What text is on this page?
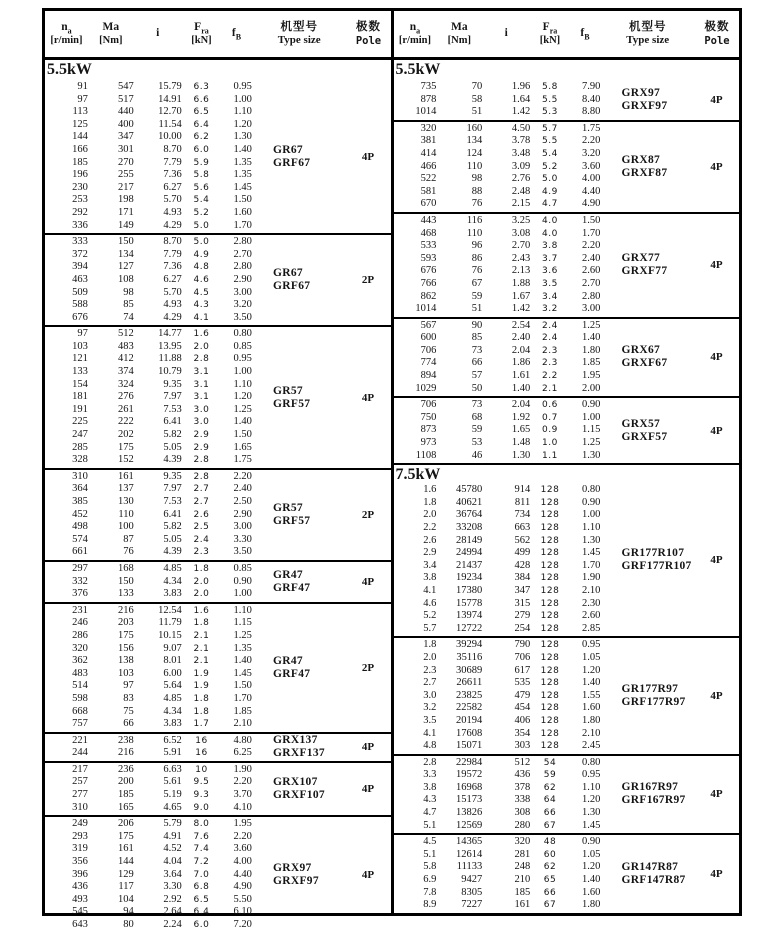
$n_a$
[r/min]
Ma
[Nm]
i
$F_{ra}$
[kN]
$f_B$
机型号
Type size
极数
Pole
5.5kW
91	547	15.79	6.3	0.95
97	517	14.91	6.6	1.00
113	440	12.70	6.5	1.10
125	400	11.54	6.4	1.20
144	347	10.00	6.2	1.30
166	301	8.70	6.0	1.40
185	270	7.79	5.9	1.35
196	255	7.36	5.8	1.35
230	217	6.27	5.6	1.45
253	198	5.70	5.4	1.50
292	171	4.93	5.2	1.60
336	149	4.29	5.0	1.70
GR67
GRF67	4P
333	150	8.70	5.0	2.80
372	134	7.79	4.9	2.70
394	127	7.36	4.8	2.80
463	108	6.27	4.6	2.90
509	98	5.70	4.5	3.00
588	85	4.93	4.3	3.20
676	74	4.29	4.1	3.50
GR67
GRF67	2P
97	512	14.77	1.6	0.80
103	483	13.95	2.0	0.85
121	412	11.88	2.8	0.95
133	374	10.79	3.1	1.00
154	324	9.35	3.1	1.10
181	276	7.97	3.1	1.20
191	261	7.53	3.0	1.25
225	222	6.41	3.0	1.40
247	202	5.82	2.9	1.50
285	175	5.05	2.9	1.65
328	152	4.39	2.8	1.75
GR57
GRF57	4P
310	161	9.35	2.8	2.20
364	137	7.97	2.7	2.40
385	130	7.53	2.7	2.50
452	110	6.41	2.6	2.90
498	100	5.82	2.5	3.00
574	87	5.05	2.4	3.30
661	76	4.39	2.3	3.50
GR57
GRF57	2P
297	168	4.85	1.8	0.85
332	150	4.34	2.0	0.90
376	133	3.83	2.0	1.00
GR47
GRF47	4P
231	216	12.54	1.6	1.10
246	203	11.79	1.8	1.15
286	175	10.15	2.1	1.25
320	156	9.07	2.1	1.35
362	138	8.01	2.1	1.40
483	103	6.00	1.9	1.45
514	97	5.64	1.9	1.50
598	83	4.85	1.8	1.70
668	75	4.34	1.8	1.85
757	66	3.83	1.7	2.10
GR47
GRF47	2P
221	238	6.52	16	4.80
244	216	5.91	16	6.25
GRX137
GRXF137	4P
217	236	6.63	10	1.90
257	200	5.61	9.5	2.20
277	185	5.19	9.3	3.70
310	165	4.65	9.0	4.10
GRX107
GRXF107	4P
249	206	5.79	8.0	1.95
293	175	4.91	7.6	2.20
319	161	4.52	7.4	3.60
356	144	4.04	7.2	4.00
396	129	3.64	7.0	4.40
436	117	3.30	6.8	4.90
493	104	2.92	6.5	5.50
545	94	2.64	6.4	6.10
643	80	2.24	6.0	7.20
GRX97
GRXF97	4P
$n_a$
[r/min]
Ma
[Nm]
i
$F_{ra}$
[kN]
$f_B$
机型号
Type size
极数
Pole
5.5kW
735	70	1.96	5.8	7.90
878	58	1.64	5.5	8.40
1014	51	1.42	5.3	8.80
GRX97
GRXF97	4P
320	160	4.50	5.7	1.75
381	134	3.78	5.5	2.20
414	124	3.48	5.4	3.20
466	110	3.09	5.2	3.60
522	98	2.76	5.0	4.00
581	88	2.48	4.9	4.40
670	76	2.15	4.7	4.90
GRX87
GRXF87	4P
443	116	3.25	4.0	1.50
468	110	3.08	4.0	1.70
533	96	2.70	3.8	2.20
593	86	2.43	3.7	2.40
676	76	2.13	3.6	2.60
766	67	1.88	3.5	2.70
862	59	1.67	3.4	2.80
1014	51	1.42	3.2	3.00
GRX77
GRXF77	4P
567	90	2.54	2.4	1.25
600	85	2.40	2.4	1.40
706	73	2.04	2.3	1.80
774	66	1.86	2.3	1.85
894	57	1.61	2.2	1.95
1029	50	1.40	2.1	2.00
GRX67
GRXF67	4P
706	73	2.04	0.6	0.90
750	68	1.92	0.7	1.00
873	59	1.65	0.9	1.15
973	53	1.48	1.0	1.25
1108	46	1.30	1.1	1.30
GRX57
GRXF57	4P
7.5kW
1.6	45780	914	128	0.80
1.8	40621	811	128	0.90
2.0	36764	734	128	1.00
2.2	33208	663	128	1.10
2.6	28149	562	128	1.30
2.9	24994	499	128	1.45
3.4	21437	428	128	1.70
3.8	19234	384	128	1.90
4.1	17380	347	128	2.10
4.6	15778	315	128	2.30
5.2	13974	279	128	2.60
5.7	12722	254	128	2.85
GR177R107
GRF177R107	4P
1.8	39294	790	128	0.95
2.0	35116	706	128	1.05
2.3	30689	617	128	1.20
2.7	26611	535	128	1.40
3.0	23825	479	128	1.55
3.2	22582	454	128	1.60
3.5	20194	406	128	1.80
4.1	17608	354	128	2.10
4.8	15071	303	128	2.45
GR177R97
GRF177R97	4P
2.8	22984	512	54	0.80
3.3	19572	436	59	0.95
3.8	16968	378	62	1.10
4.3	15173	338	64	1.20
4.7	13826	308	66	1.30
5.1	12569	280	67	1.45
GR167R97
GRF167R97	4P
4.5	14365	320	48	0.90
5.1	12614	281	60	1.05
5.8	11133	248	62	1.20
6.9	9427	210	65	1.40
7.8	8305	185	66	1.60
8.9	7227	161	67	1.80
GR147R87
GRF147R87	4P
